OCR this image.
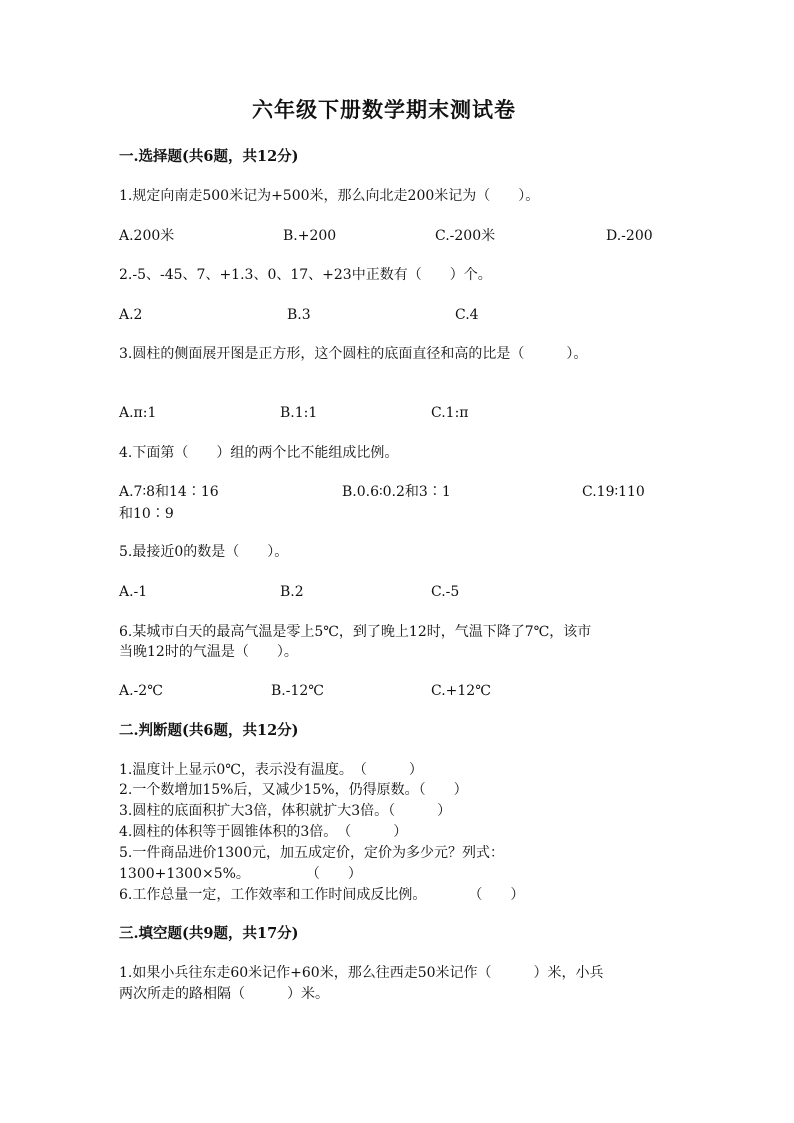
六年级下册数学期末测试卷
一.选择题(共6题，共12分)
1.规定向南走500米记为+500米，那么向北走200米记为（　　）。
A.200米	B.+200	C.-200米	D.-200
2.-5、-45、7、+1.3、0、17、+23中正数有（　　）个。
A.2	B.3	C.4
3.圆柱的侧面展开图是正方形，这个圆柱的底面直径和高的比是（　　　）。
A.π:1	B.1:1	C.1:π
4.下面第（　　）组的两个比不能组成比例。
A.7∶8和14∶16	B.0.6∶0.2和3∶1	C.19∶110
和10∶9
5.最接近0的数是（　　）。
A.-1	B.2	C.-5
6.某城市白天的最高气温是零上5℃，到了晚上12时，气温下降了7℃，该市
当晚12时的气温是（　　）。
A.-2℃	B.-12℃	C.+12℃
二.判断题(共6题，共12分)
1.温度计上显示0℃，表示没有温度。　（　　　）
2.一个数增加15%后，又减少15%，仍得原数。（　　）
3.圆柱的底面积扩大3倍，体积就扩大3倍。（　　　）
4.圆柱的体积等于圆锥体积的3倍。　（　　　）
5.一件商品进价1300元，加五成定价，定价为多少元？列式：
1300+1300×5%。　　　　　（　　）
6.工作总量一定，工作效率和工作时间成反比例。　　　　（　　）
三.填空题(共9题，共17分)
1.如果小兵往东走60米记作+60米，那么往西走50米记作（　　　）米，小兵
两次所走的路相隔（　　　）米。
